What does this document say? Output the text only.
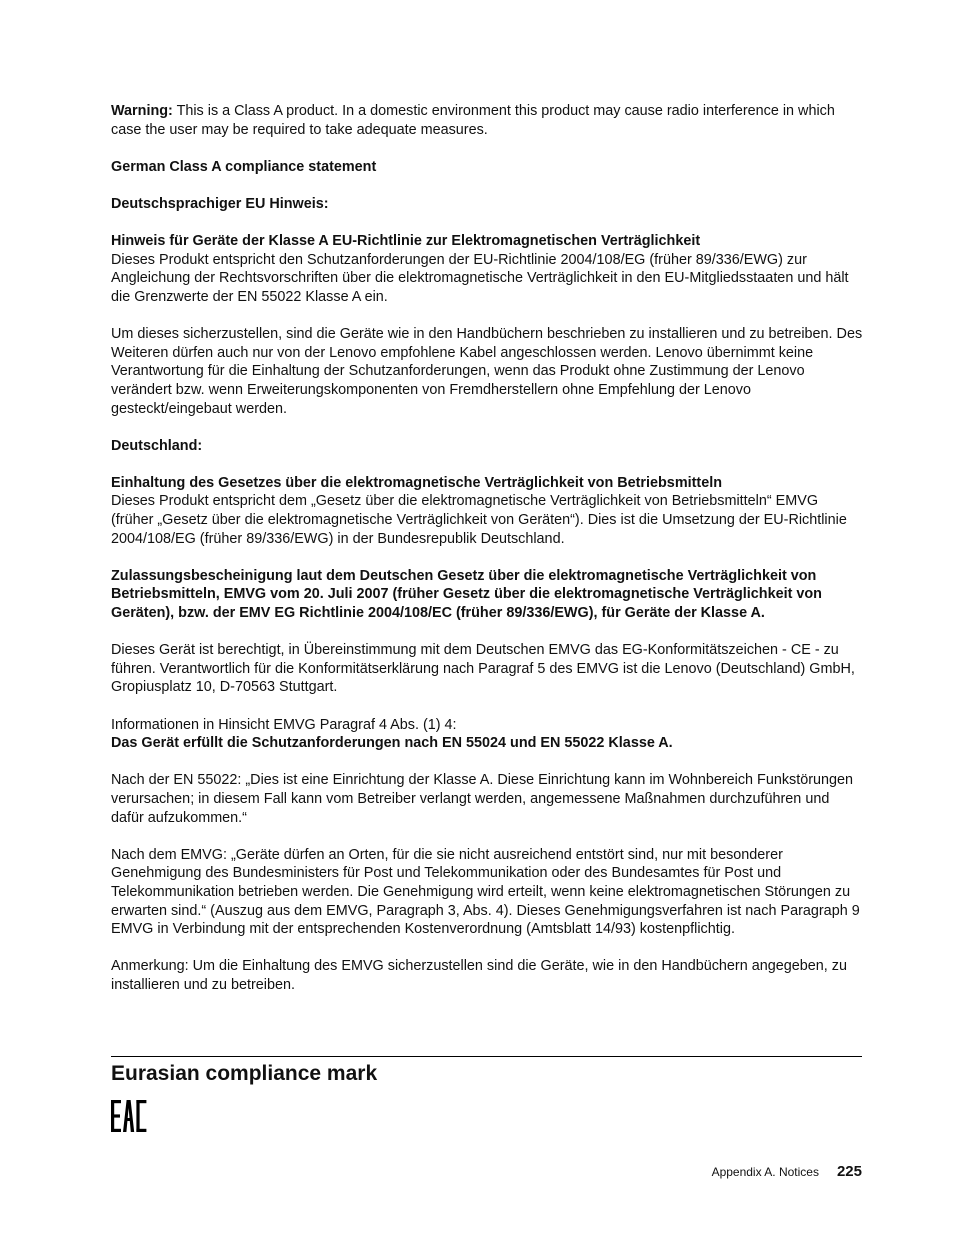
Warning: This is a Class A product. In a domestic environment this product may cause radio interference in which case the user may be required to take adequate measures.

German Class A compliance statement

Deutschsprachiger EU Hinweis:

Hinweis für Geräte der Klasse A EU-Richtlinie zur Elektromagnetischen Verträglichkeit
Dieses Produkt entspricht den Schutzanforderungen der EU-Richtlinie 2004/108/EG (früher 89/336/EWG) zur Angleichung der Rechtsvorschriften über die elektromagnetische Verträglichkeit in den EU-Mitgliedsstaaten und hält die Grenzwerte der EN 55022 Klasse A ein.

Um dieses sicherzustellen, sind die Geräte wie in den Handbüchern beschrieben zu installieren und zu betreiben. Des Weiteren dürfen auch nur von der Lenovo empfohlene Kabel angeschlossen werden. Lenovo übernimmt keine Verantwortung für die Einhaltung der Schutzanforderungen, wenn das Produkt ohne Zustimmung der Lenovo verändert bzw. wenn Erweiterungskomponenten von Fremdherstellern ohne Empfehlung der Lenovo gesteckt/eingebaut werden.

Deutschland:

Einhaltung des Gesetzes über die elektromagnetische Verträglichkeit von Betriebsmitteln
Dieses Produkt entspricht dem „Gesetz über die elektromagnetische Verträglichkeit von Betriebsmitteln“ EMVG (früher „Gesetz über die elektromagnetische Verträglichkeit von Geräten“). Dies ist die Umsetzung der EU-Richtlinie 2004/108/EG (früher 89/336/EWG) in der Bundesrepublik Deutschland.

Zulassungsbescheinigung laut dem Deutschen Gesetz über die elektromagnetische Verträglichkeit von Betriebsmitteln, EMVG vom 20. Juli 2007 (früher Gesetz über die elektromagnetische Verträglichkeit von Geräten), bzw. der EMV EG Richtlinie 2004/108/EC (früher 89/336/EWG), für Geräte der Klasse A.

Dieses Gerät ist berechtigt, in Übereinstimmung mit dem Deutschen EMVG das EG-Konformitätszeichen - CE - zu führen. Verantwortlich für die Konformitätserklärung nach Paragraf 5 des EMVG ist die Lenovo (Deutschland) GmbH, Gropiusplatz 10, D-70563 Stuttgart.

Informationen in Hinsicht EMVG Paragraf 4 Abs. (1) 4:
Das Gerät erfüllt die Schutzanforderungen nach EN 55024 und EN 55022 Klasse A.

Nach der EN 55022: „Dies ist eine Einrichtung der Klasse A. Diese Einrichtung kann im Wohnbereich Funkstörungen verursachen; in diesem Fall kann vom Betreiber verlangt werden, angemessene Maßnahmen durchzuführen und dafür aufzukommen.“

Nach dem EMVG: „Geräte dürfen an Orten, für die sie nicht ausreichend entstört sind, nur mit besonderer Genehmigung des Bundesministers für Post und Telekommunikation oder des Bundesamtes für Post und Telekommunikation betrieben werden. Die Genehmigung wird erteilt, wenn keine elektromagnetischen Störungen zu erwarten sind.“ (Auszug aus dem EMVG, Paragraph 3, Abs. 4). Dieses Genehmigungsverfahren ist nach Paragraph 9 EMVG in Verbindung mit der entsprechenden Kostenverordnung (Amtsblatt 14/93) kostenpflichtig.

Anmerkung: Um die Einhaltung des EMVG sicherzustellen sind die Geräte, wie in den Handbüchern angegeben, zu installieren und zu betreiben.

Eurasian compliance mark
Appendix A. Notices 225
